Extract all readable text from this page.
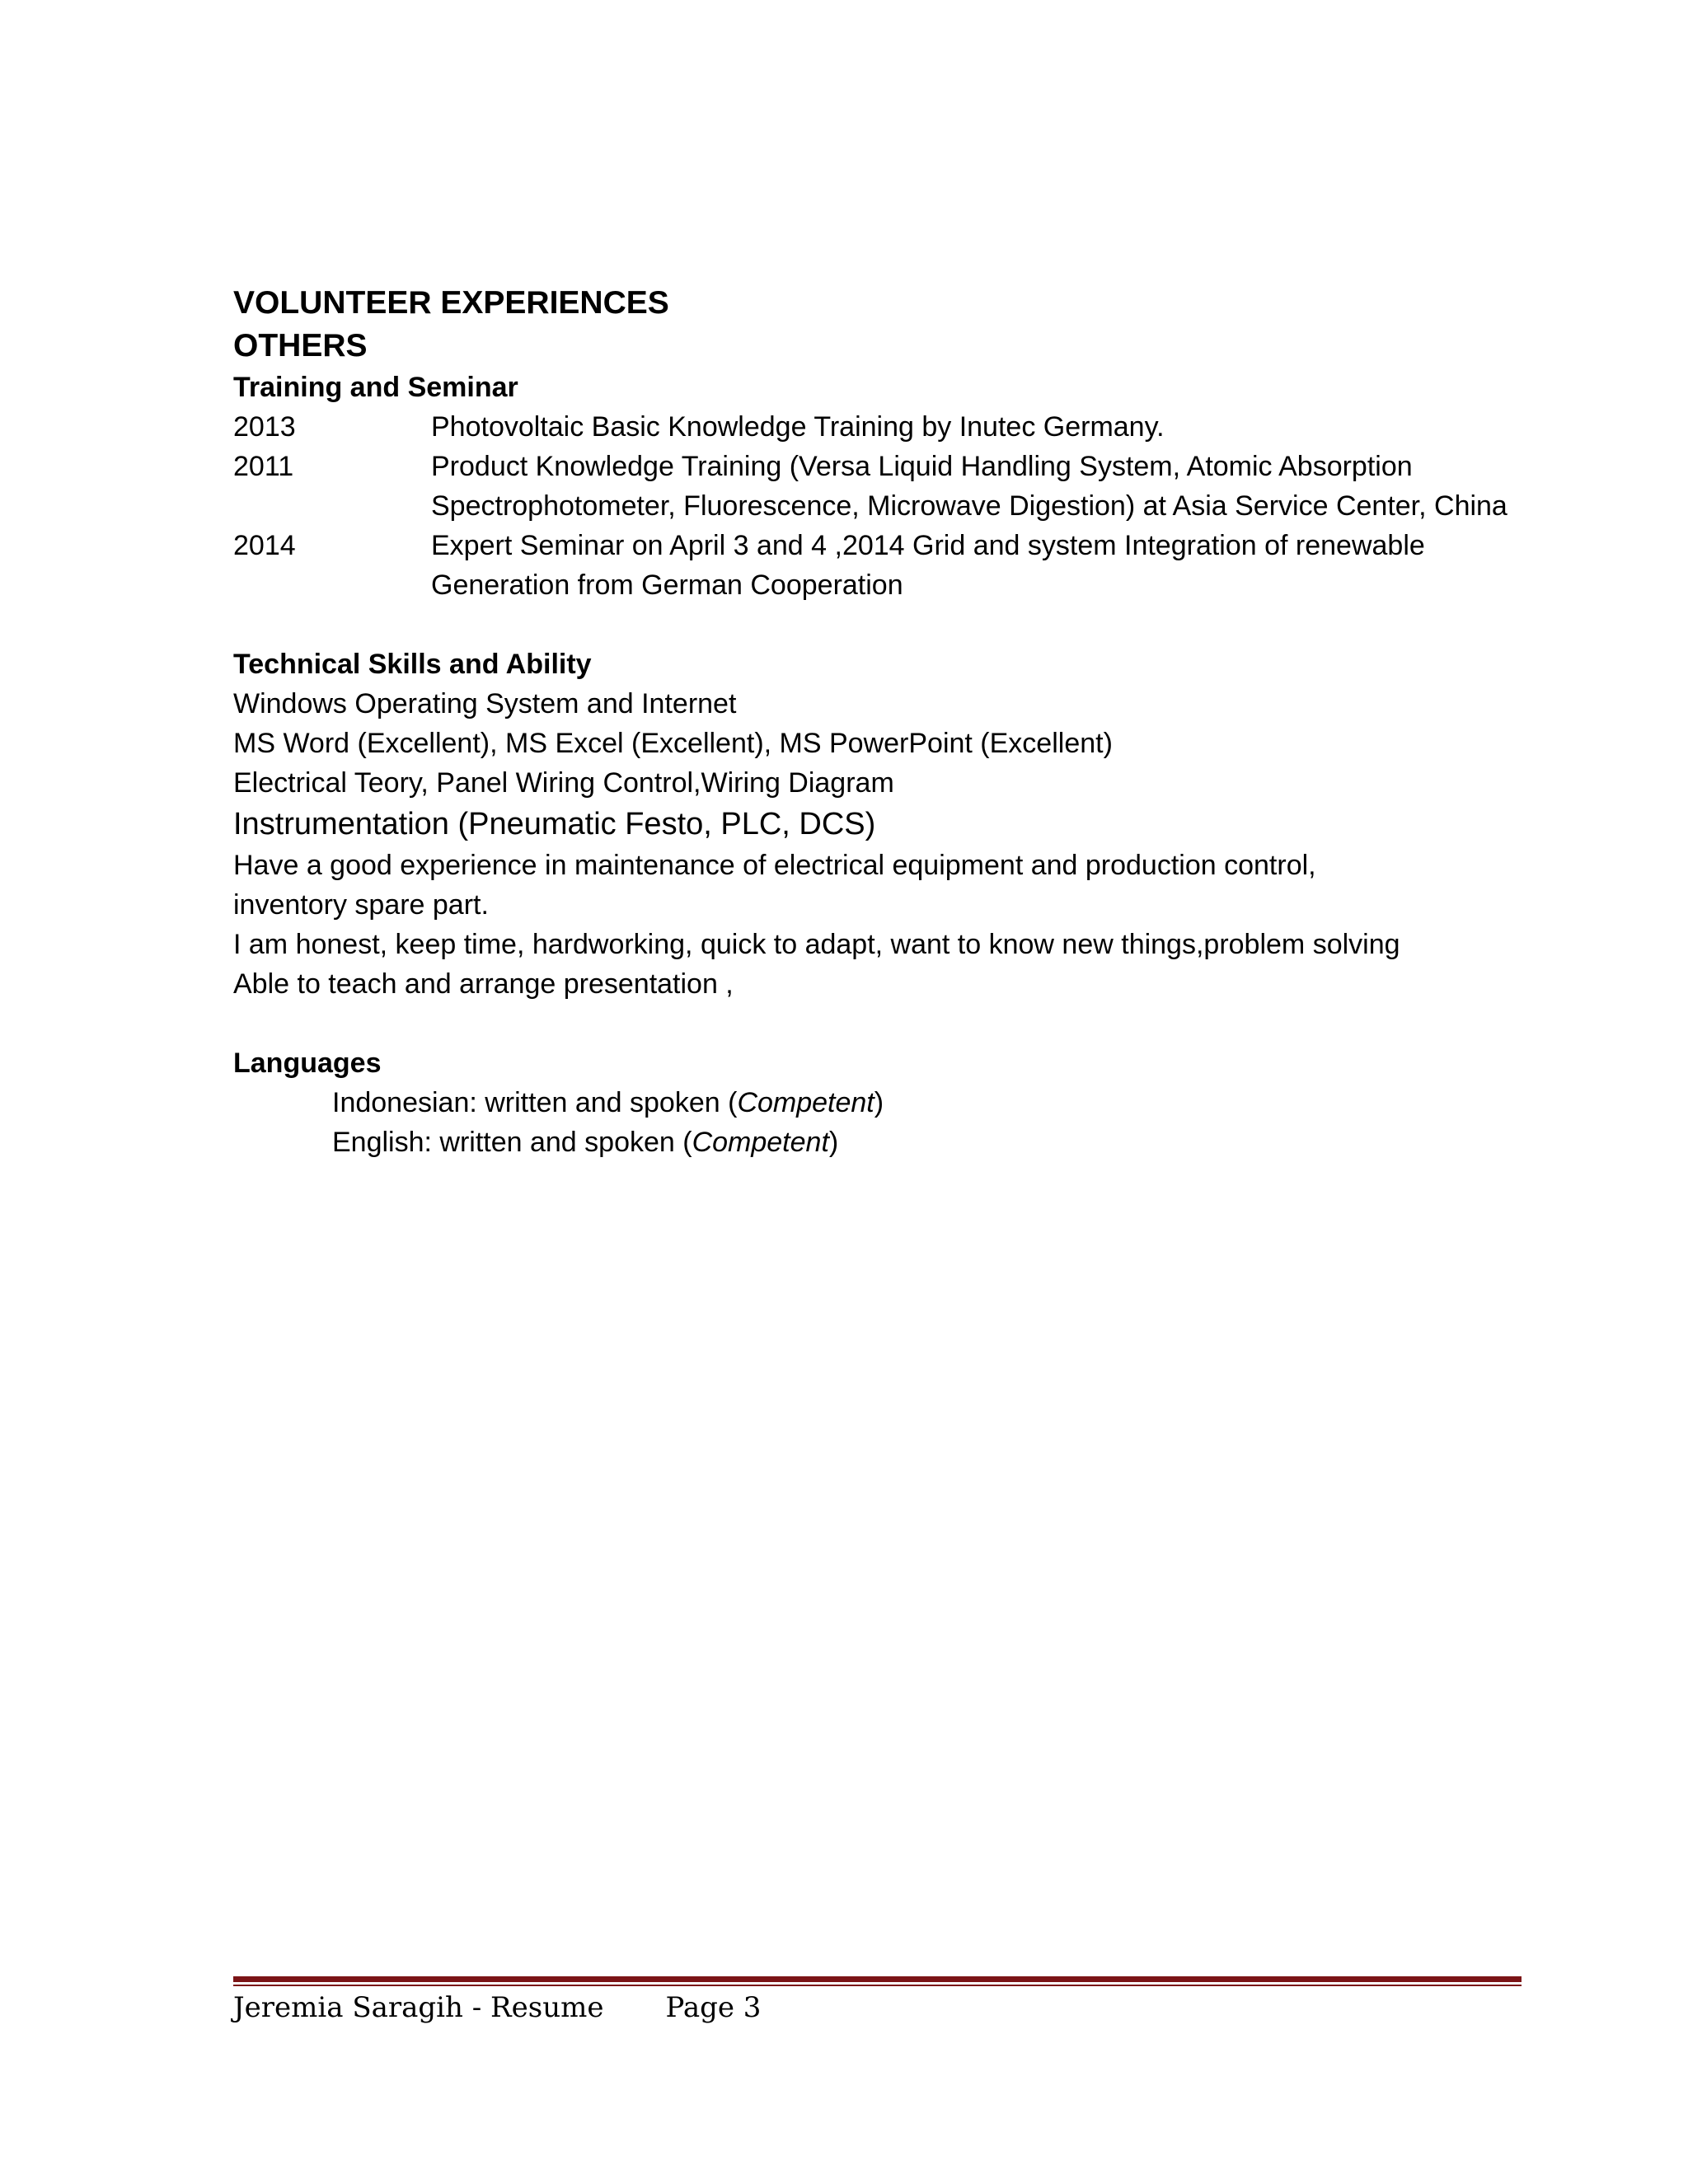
VOLUNTEER EXPERIENCES
OTHERS
Training and Seminar
2013	Photovoltaic Basic Knowledge Training by Inutec Germany.
2011	Product Knowledge Training (Versa Liquid Handling System, Atomic Absorption Spectrophotometer, Fluorescence, Microwave Digestion) at Asia Service Center, China
2014	Expert Seminar on April 3 and 4 ,2014 Grid and system Integration of renewable Generation from German Cooperation
Technical Skills and Ability
Windows Operating System and Internet
MS Word (Excellent), MS Excel (Excellent), MS PowerPoint (Excellent)
Electrical Teory, Panel Wiring Control,Wiring Diagram
Instrumentation (Pneumatic Festo, PLC, DCS)
Have a good experience in maintenance of electrical equipment and production control,
inventory spare part.
I am honest, keep time, hardworking, quick to adapt, want to know new things,problem solving
Able to teach and arrange presentation ,
Languages
Indonesian: written and spoken (Competent)
English: written and spoken (Competent)
Jeremia Saragih - Resume Page 3
